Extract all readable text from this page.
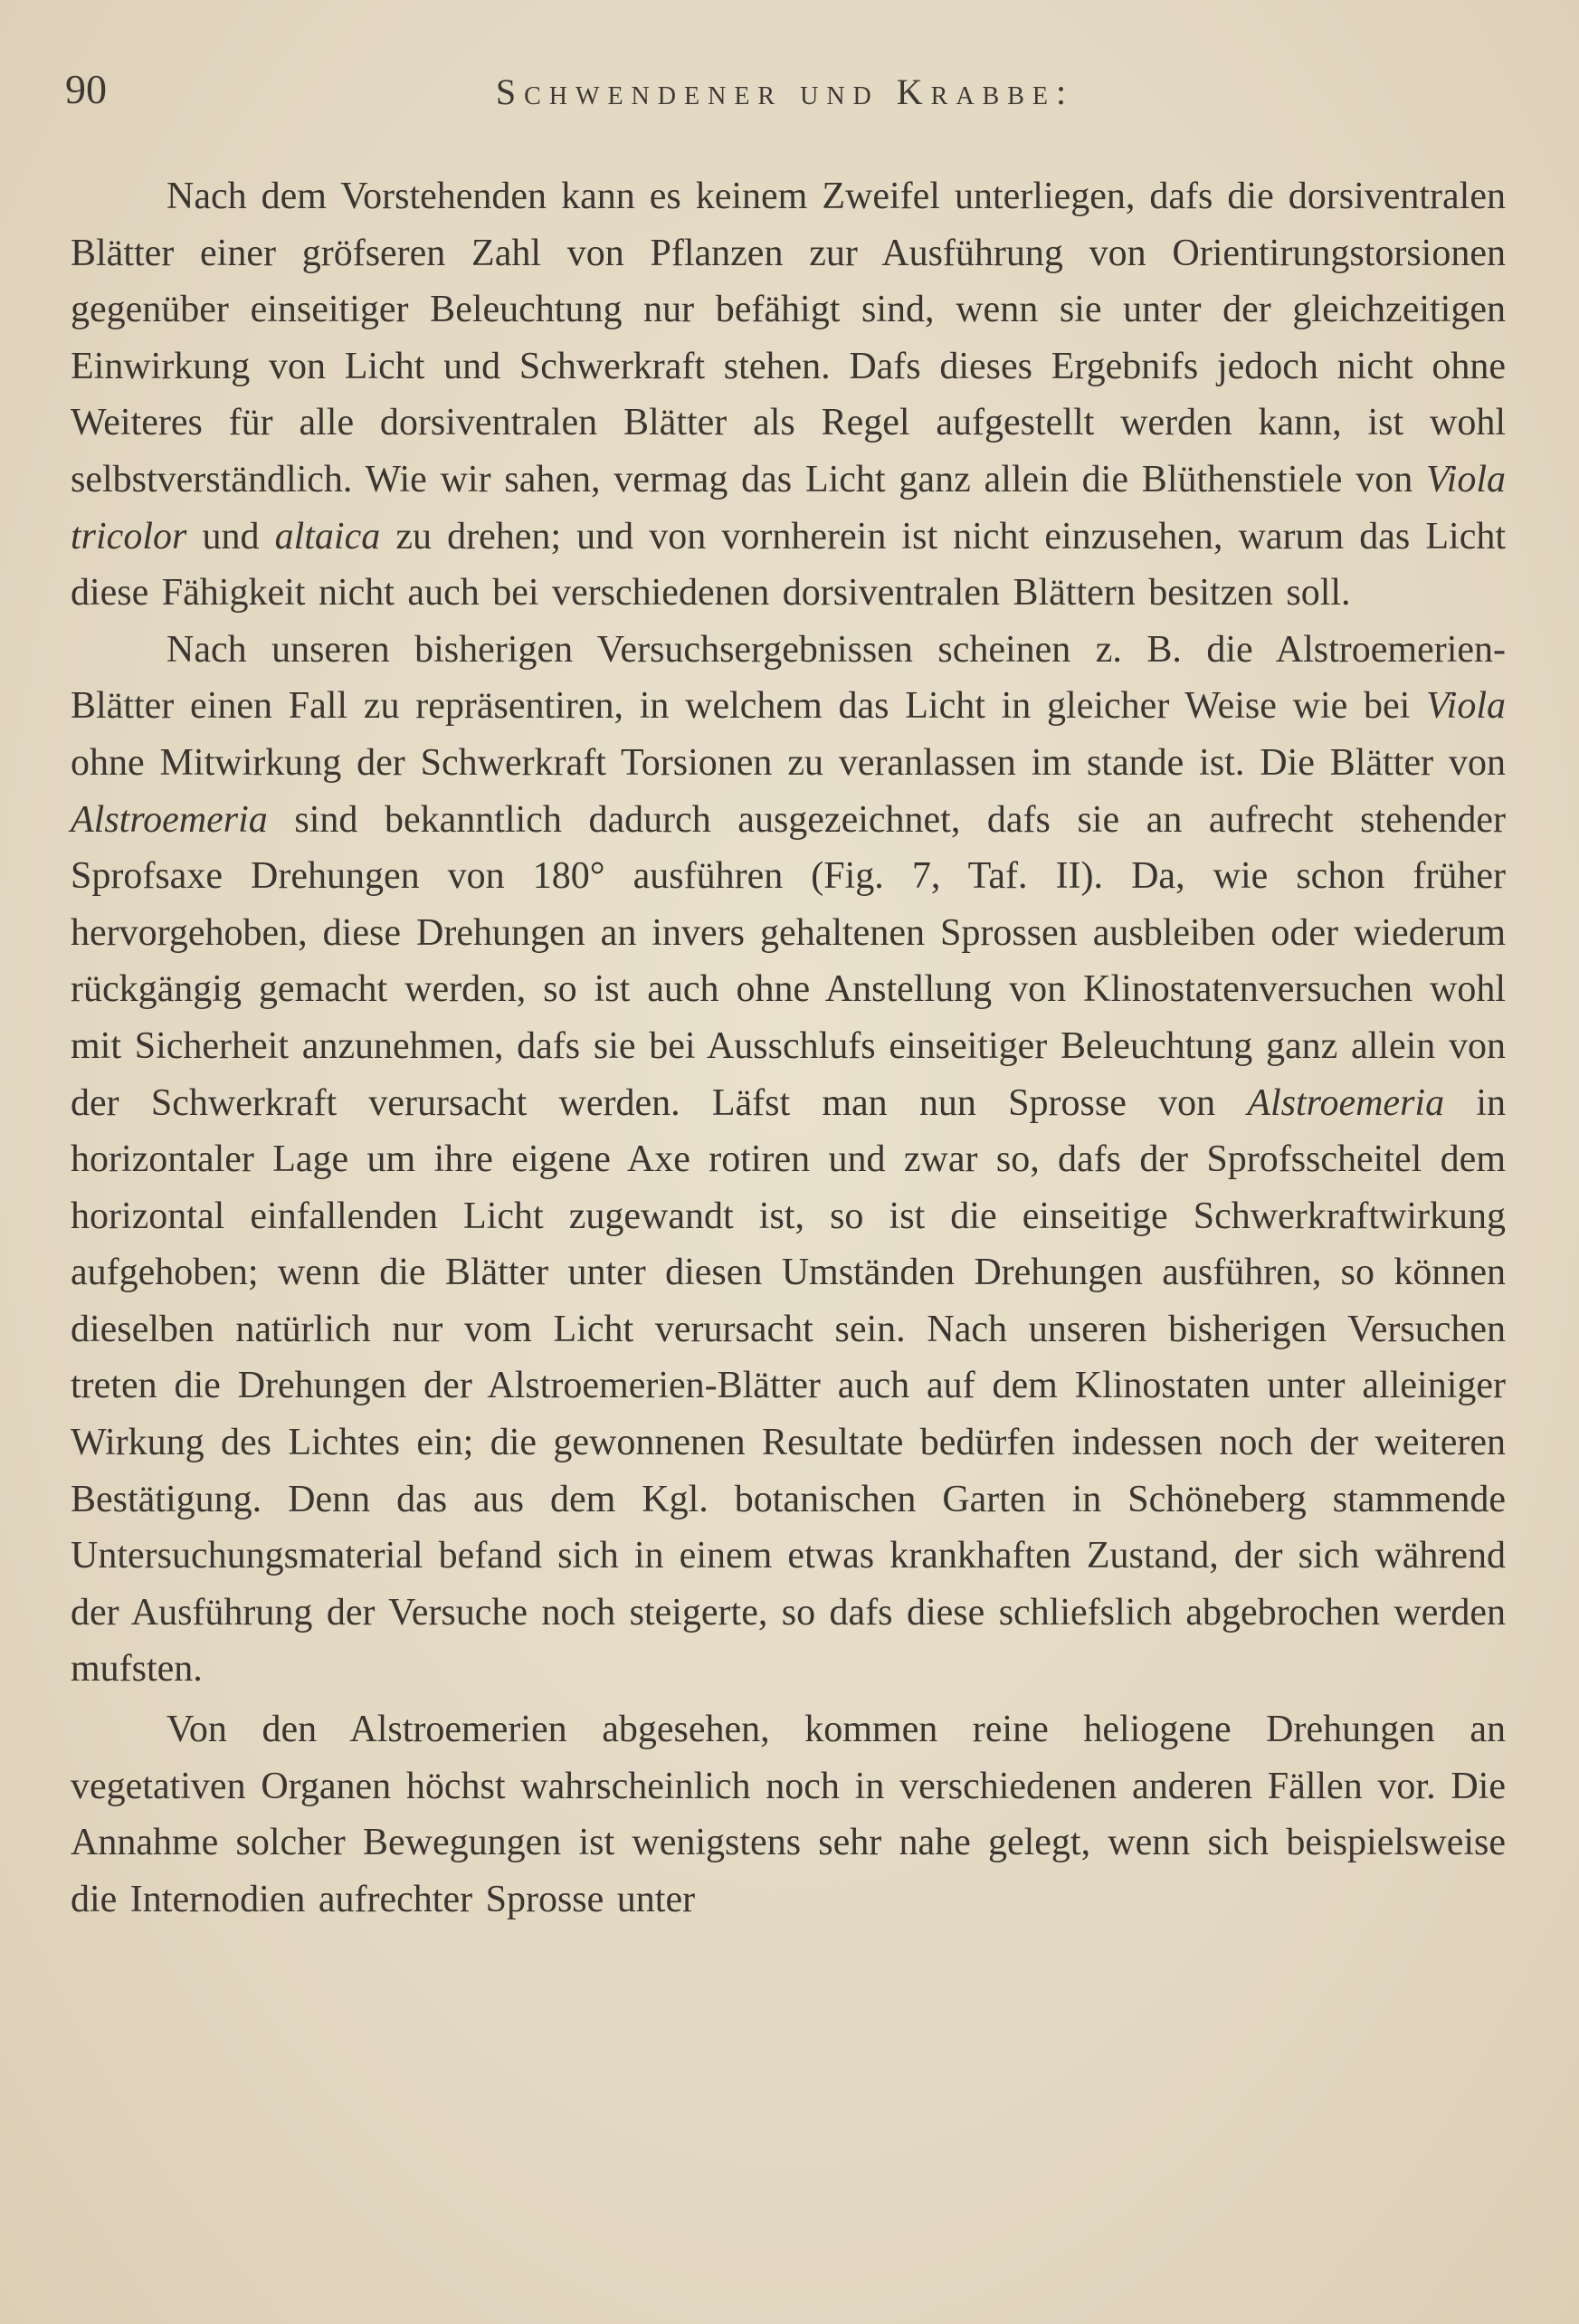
90	Schwendener und Krabbe:

Nach dem Vorstehenden kann es keinem Zweifel unterliegen, dafs die dorsiventralen Blätter einer gröfseren Zahl von Pflanzen zur Ausführung von Orientirungstorsionen gegenüber einseitiger Beleuchtung nur befähigt sind, wenn sie unter der gleichzeitigen Einwirkung von Licht und Schwerkraft stehen. Dafs dieses Ergebnifs jedoch nicht ohne Weiteres für alle dorsiventralen Blätter als Regel aufgestellt werden kann, ist wohl selbstverständlich. Wie wir sahen, vermag das Licht ganz allein die Blüthenstiele von Viola tricolor und altaica zu drehen; und von vornherein ist nicht einzusehen, warum das Licht diese Fähigkeit nicht auch bei verschiedenen dorsiventralen Blättern besitzen soll.

Nach unseren bisherigen Versuchsergebnissen scheinen z. B. die Alstroemerien-Blätter einen Fall zu repräsentiren, in welchem das Licht in gleicher Weise wie bei Viola ohne Mitwirkung der Schwerkraft Torsionen zu veranlassen im stande ist. Die Blätter von Alstroemeria sind bekanntlich dadurch ausgezeichnet, dafs sie an aufrecht stehender Sprofsaxe Drehungen von 180° ausführen (Fig. 7, Taf. II). Da, wie schon früher hervorgehoben, diese Drehungen an invers gehaltenen Sprossen ausbleiben oder wiederum rückgängig gemacht werden, so ist auch ohne Anstellung von Klinostatenversuchen wohl mit Sicherheit anzunehmen, dafs sie bei Ausschlufs einseitiger Beleuchtung ganz allein von der Schwerkraft verursacht werden. Läfst man nun Sprosse von Alstroemeria in horizontaler Lage um ihre eigene Axe rotiren und zwar so, dafs der Sprofsscheitel dem horizontal einfallenden Licht zugewandt ist, so ist die einseitige Schwerkraftwirkung aufgehoben; wenn die Blätter unter diesen Umständen Drehungen ausführen, so können dieselben natürlich nur vom Licht verursacht sein. Nach unseren bisherigen Versuchen treten die Drehungen der Alstroemerien-Blätter auch auf dem Klinostaten unter alleiniger Wirkung des Lichtes ein; die gewonnenen Resultate bedürfen indessen noch der weiteren Bestätigung. Denn das aus dem Kgl. botanischen Garten in Schöneberg stammende Untersuchungsmaterial befand sich in einem etwas krankhaften Zustand, der sich während der Ausführung der Versuche noch steigerte, so dafs diese schliefslich abgebrochen werden mufsten.

Von den Alstroemerien abgesehen, kommen reine heliogene Drehungen an vegetativen Organen höchst wahrscheinlich noch in verschiedenen anderen Fällen vor. Die Annahme solcher Bewegungen ist wenigstens sehr nahe gelegt, wenn sich beispielsweise die Internodien aufrechter Sprosse unter
